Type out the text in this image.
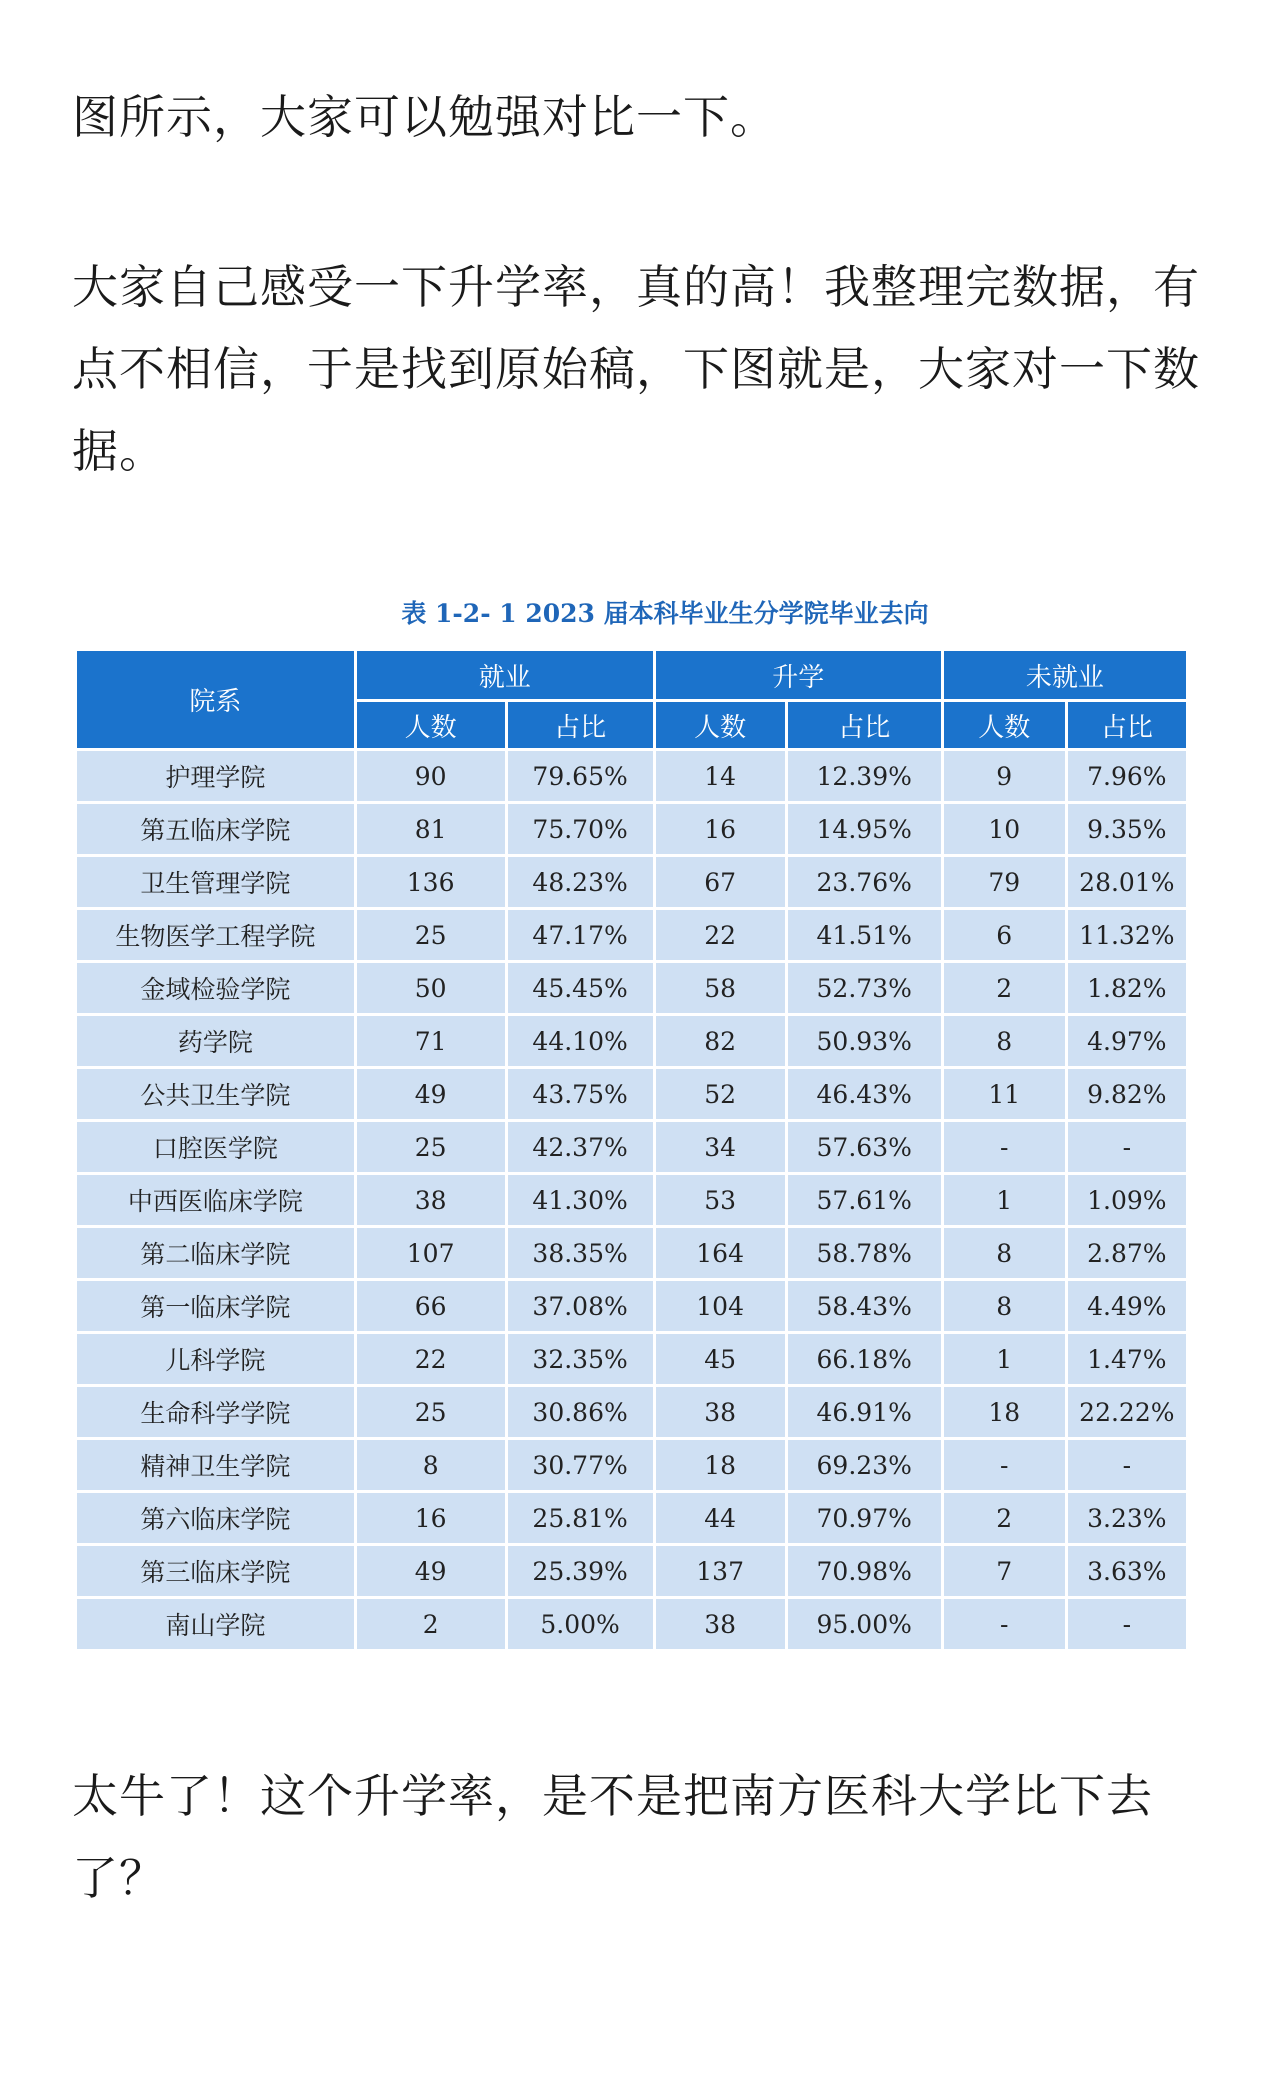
图所示，大家可以勉强对比一下。

大家自己感受一下升学率，真的高！我整理完数据，有点不相信，于是找到原始稿，下图就是，大家对一下数据。

表 1-2- 1 2023 届本科毕业生分学院毕业去向
院系	就业		升学		未就业	
	人数	占比	人数	占比	人数	占比
护理学院	90	79.65%	14	12.39%	9	7.96%
第五临床学院	81	75.70%	16	14.95%	10	9.35%
卫生管理学院	136	48.23%	67	23.76%	79	28.01%
生物医学工程学院	25	47.17%	22	41.51%	6	11.32%
金域检验学院	50	45.45%	58	52.73%	2	1.82%
药学院	71	44.10%	82	50.93%	8	4.97%
公共卫生学院	49	43.75%	52	46.43%	11	9.82%
口腔医学院	25	42.37%	34	57.63%	-	-
中西医临床学院	38	41.30%	53	57.61%	1	1.09%
第二临床学院	107	38.35%	164	58.78%	8	2.87%
第一临床学院	66	37.08%	104	58.43%	8	4.49%
儿科学院	22	32.35%	45	66.18%	1	1.47%
生命科学学院	25	30.86%	38	46.91%	18	22.22%
精神卫生学院	8	30.77%	18	69.23%	-	-
第六临床学院	16	25.81%	44	70.97%	2	3.23%
第三临床学院	49	25.39%	137	70.98%	7	3.63%
南山学院	2	5.00%	38	95.00%	-	-

太牛了！这个升学率，是不是把南方医科大学比下去了？
